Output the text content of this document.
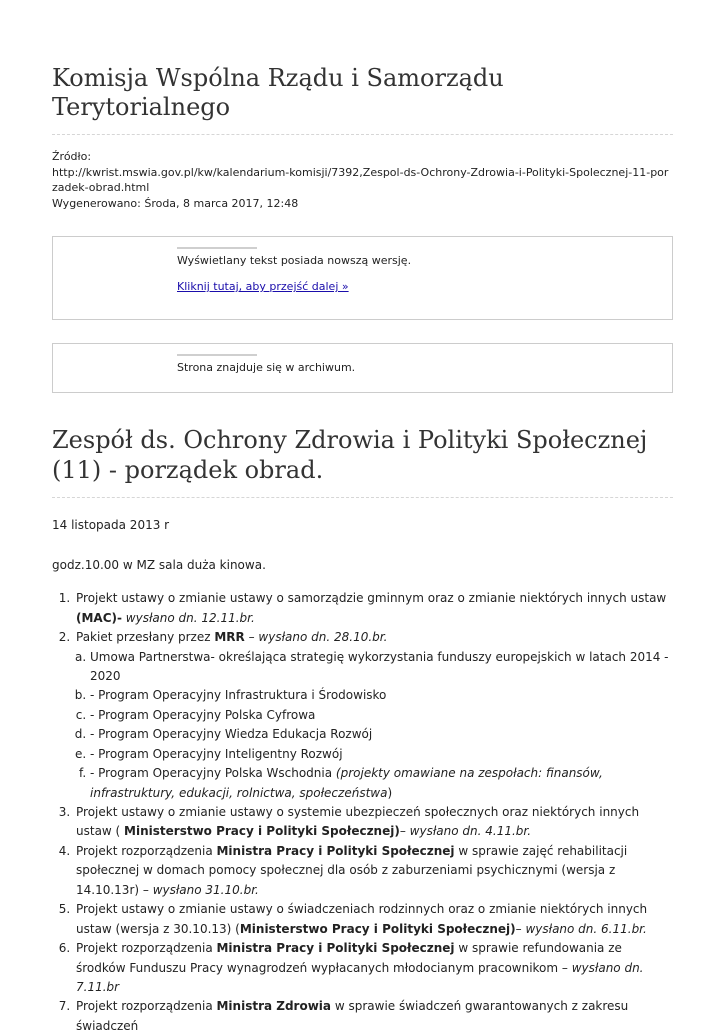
Komisja Wspólna Rządu i Samorządu Terytorialnego
Źródło:
http://kwrist.mswia.gov.pl/kw/kalendarium-komisji/7392,Zespol-ds-Ochrony-Zdrowia-i-Polityki-Spolecznej-11-porzadek-obrad.html
Wygenerowano: Środa, 8 marca 2017, 12:48

Wyświetlany tekst posiada nowszą wersję.

Kliknij tutaj, aby przejść dalej »

Strona znajduje się w archiwum.

Zespół ds. Ochrony Zdrowia i Polityki Społecznej (11) - porządek obrad.
14 listopada 2013 r
godz.10.00 w MZ sala duża kinowa.
1. Projekt ustawy o zmianie ustawy o samorządzie gminnym oraz o zmianie niektórych innych ustaw (MAC)- wysłano dn. 12.11.br.
2. Pakiet przesłany przez MRR – wysłano dn. 28.10.br.
a. Umowa Partnerstwa- określająca strategię wykorzystania funduszy europejskich w latach 2014 - 2020
b. - Program Operacyjny Infrastruktura i Środowisko
c. - Program Operacyjny Polska Cyfrowa
d. - Program Operacyjny Wiedza Edukacja Rozwój
e. - Program Operacyjny Inteligentny Rozwój
f. - Program Operacyjny Polska Wschodnia (projekty omawiane na zespołach: finansów, infrastruktury, edukacji, rolnictwa, społeczeństwa)
3. Projekt ustawy o zmianie ustawy o systemie ubezpieczeń społecznych oraz niektórych innych ustaw ( Ministerstwo Pracy i Polityki Społecznej)– wysłano dn. 4.11.br.
4. Projekt rozporządzenia Ministra Pracy i Polityki Społecznej w sprawie zajęć rehabilitacji społecznej w domach pomocy społecznej dla osób z zaburzeniami psychicznymi (wersja z 14.10.13r) – wysłano 31.10.br.
5. Projekt ustawy o zmianie ustawy o świadczeniach rodzinnych oraz o zmianie niektórych innych ustaw (wersja z 30.10.13) (Ministerstwo Pracy i Polityki Społecznej)– wysłano dn. 6.11.br.
6. Projekt rozporządzenia Ministra Pracy i Polityki Społecznej w sprawie refundowania ze środków Funduszu Pracy wynagrodzeń wypłacanych młodocianym pracownikom – wysłano dn. 7.11.br
7. Projekt rozporządzenia Ministra Zdrowia w sprawie świadczeń gwarantowanych z zakresu świadczeń
